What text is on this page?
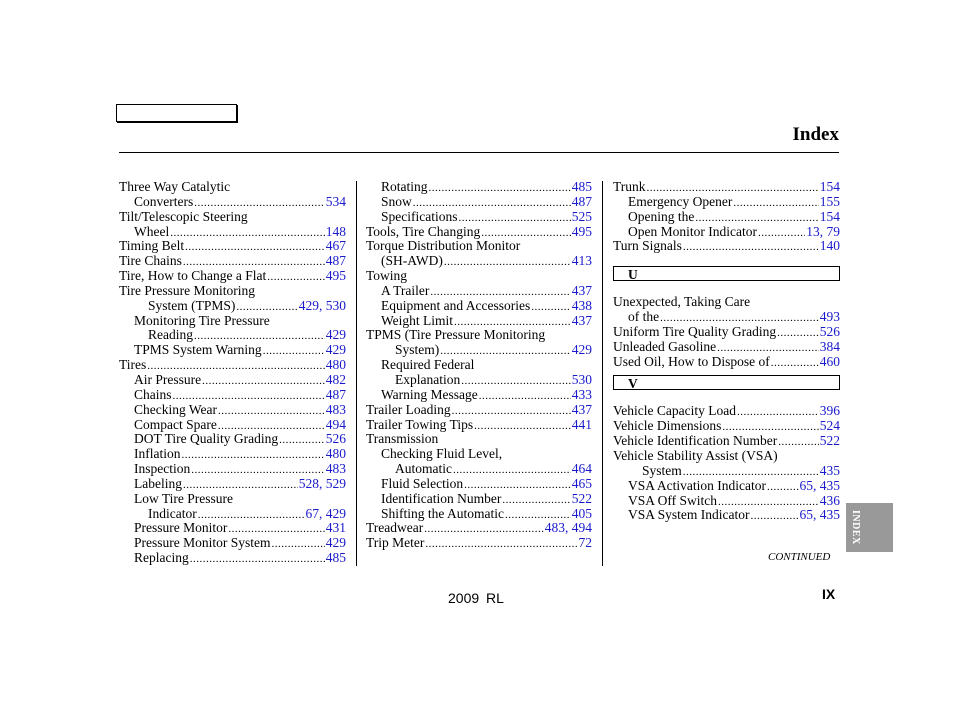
Index
Three Way Catalytic
Converters .....	534
Tilt/Telescopic Steering
Wheel .....	148
Timing Belt .....	467
Tire Chains .....	487
Tire, How to Change a Flat .....	495
Tire Pressure Monitoring
System (TPMS) .....	429, 530
Monitoring Tire Pressure
Reading .....	429
TPMS System Warning .....	429
Tires .....	480
Air Pressure .....	482
Chains .....	487
Checking Wear .....	483
Compact Spare .....	494
DOT Tire Quality Grading .....	526
Inflation .....	480
Inspection .....	483
Labeling .....	528, 529
Low Tire Pressure
Indicator .....	67, 429
Pressure Monitor .....	431
Pressure Monitor System .....	429
Replacing .....	485
Rotating .....	485
Snow .....	487
Specifications .....	525
Tools, Tire Changing .....	495
Torque Distribution Monitor
(SH-AWD) .....	413
Towing
A Trailer .....	437
Equipment and Accessories .....	438
Weight Limit .....	437
TPMS (Tire Pressure Monitoring
System) .....	429
Required Federal
Explanation .....	530
Warning Message .....	433
Trailer Loading .....	437
Trailer Towing Tips .....	441
Transmission
Checking Fluid Level,
Automatic .....	464
Fluid Selection .....	465
Identification Number .....	522
Shifting the Automatic .....	405
Treadwear .....	483, 494
Trip Meter .....	72
Trunk .....	154
Emergency Opener .....	155
Opening the .....	154
Open Monitor Indicator .....	13, 79
Turn Signals .....	140
U
Unexpected, Taking Care
of the .....	493
Uniform Tire Quality Grading .....	526
Unleaded Gasoline .....	384
Used Oil, How to Dispose of .....	460
V
Vehicle Capacity Load .....	396
Vehicle Dimensions .....	524
Vehicle Identification Number .....	522
Vehicle Stability Assist (VSA)
System .....	435
VSA Activation Indicator ..... 65, 435
VSA Off Switch .....	436
VSA System Indicator .....	65, 435
CONTINUED
2009 RL	IX
INDEX
